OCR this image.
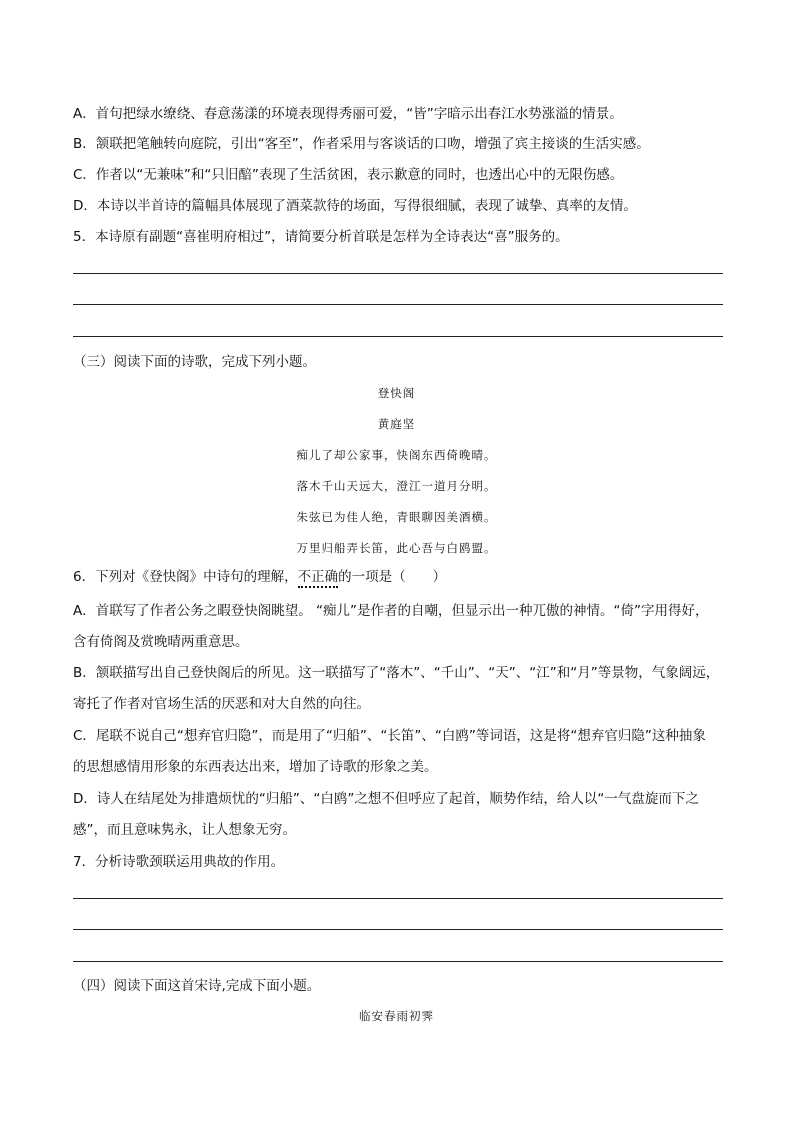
A．首句把绿水缭绕、春意荡漾的环境表现得秀丽可爱，“皆”字暗示出春江水势涨溢的情景。
B．颔联把笔触转向庭院，引出“客至”，作者采用与客谈话的口吻，增强了宾主接谈的生活实感。
C．作者以“无兼味”和“只旧醅”表现了生活贫困，表示歉意的同时，也透出心中的无限伤感。
D．本诗以半首诗的篇幅具体展现了酒菜款待的场面，写得很细腻，表现了诚挚、真率的友情。
5．本诗原有副题“喜崔明府相过”，请简要分析首联是怎样为全诗表达“喜”服务的。
（三）阅读下面的诗歌，完成下列小题。
登快阁
黄庭坚
痴儿了却公家事，快阁东西倚晚晴。
落木千山天远大，澄江一道月分明。
朱弦已为佳人绝，青眼聊因美酒横。
万里归船弄长笛，此心吾与白鸥盟。
6．下列对《登快阁》中诗句的理解，不正确的一项是（　　）
A．首联写了作者公务之暇登快阁眺望。 “痴儿”是作者的自嘲，但显示出一种兀傲的神情。“倚”字用得好，
含有倚阁及赏晚晴两重意思。
B．颔联描写出自己登快阁后的所见。这一联描写了“落木”、“千山”、“天”、“江”和“月”等景物，气象阔远，
寄托了作者对官场生活的厌恶和对大自然的向往。
C．尾联不说自己“想弃官归隐”，而是用了“归船”、“长笛”、“白鸥”等词语，这是将“想弃官归隐”这种抽象
的思想感情用形象的东西表达出来，增加了诗歌的形象之美。
D．诗人在结尾处为排遣烦忧的“归船”、“白鸥”之想不但呼应了起首，顺势作结，给人以“一气盘旋而下之
感”，而且意味隽永，让人想象无穷。
7．分析诗歌颈联运用典故的作用。
（四）阅读下面这首宋诗,完成下面小题。
临安春雨初霁
